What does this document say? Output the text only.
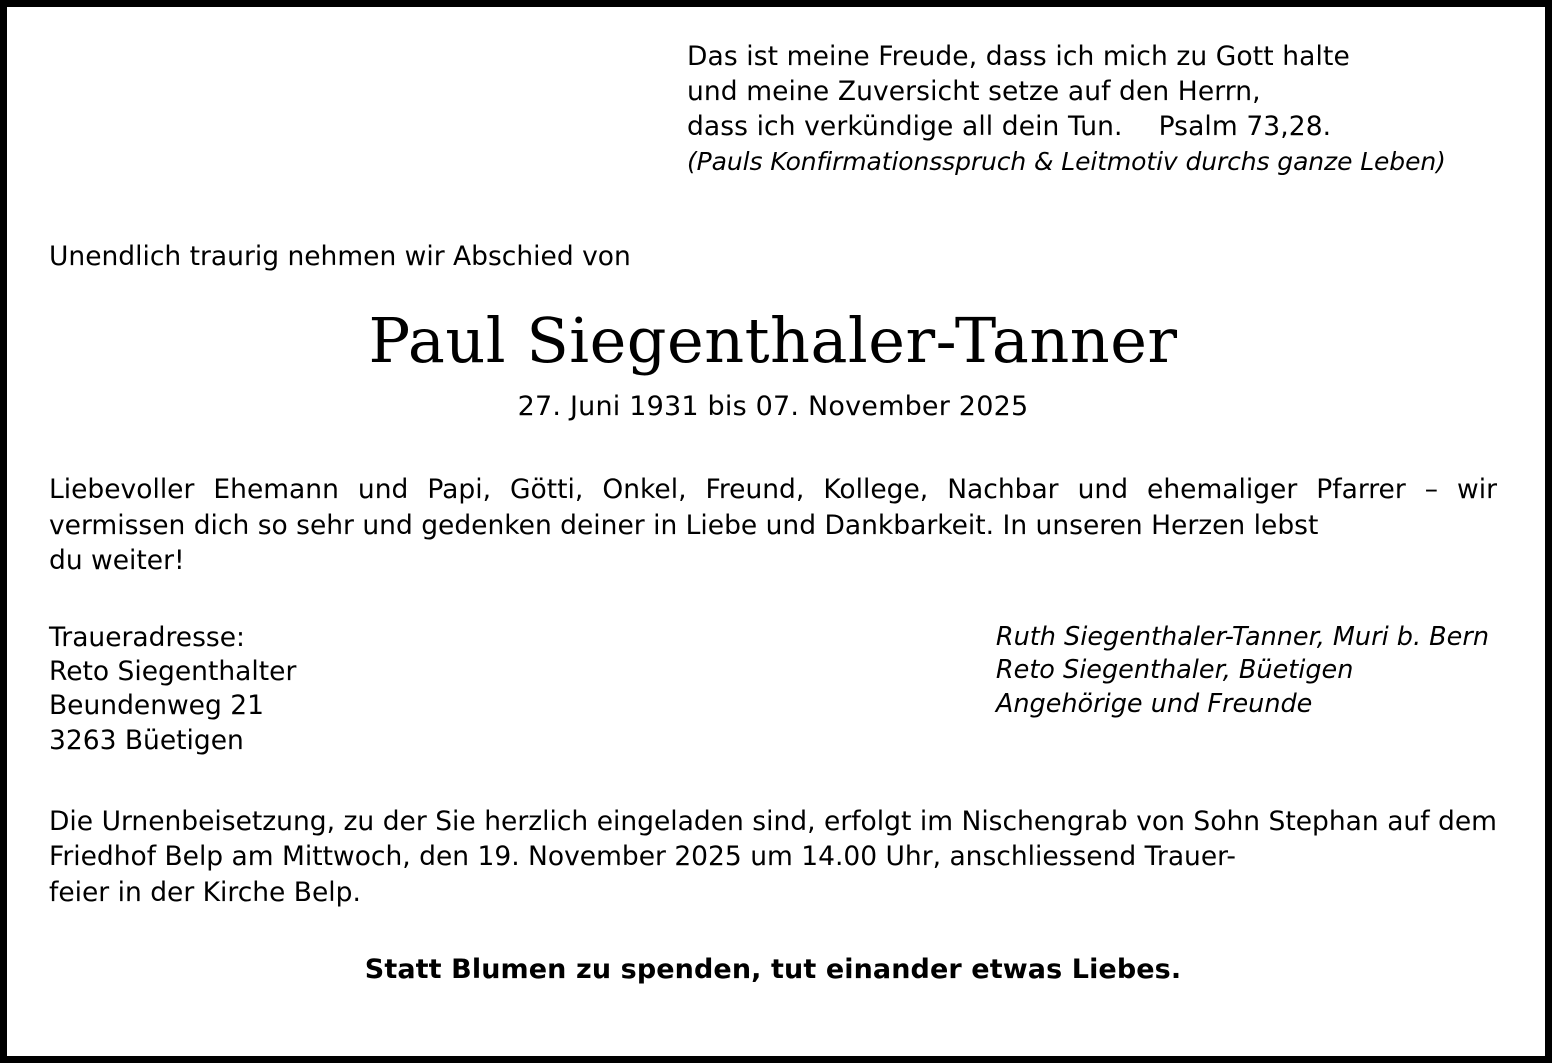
Das ist meine Freude, dass ich mich zu Gott halte
und meine Zuversicht setze auf den Herrn,
dass ich verkündige all dein Tun. Psalm 73,28.
(Pauls Konfirmationsspruch & Leitmotiv durchs ganze Leben)
Unendlich traurig nehmen wir Abschied von
Paul Siegenthaler-Tanner
27. Juni 1931 bis 07. November 2025
Liebevoller Ehemann und Papi, Götti, Onkel, Freund, Kollege, Nachbar und ehemaliger Pfarrer – wir vermissen dich so sehr und gedenken deiner in Liebe und Dankbarkeit. In unseren Herzen lebst
du weiter!
Traueradresse:
Reto Siegenthalter
Beundenweg 21
3263 Büetigen
Ruth Siegenthaler-Tanner, Muri b. Bern
Reto Siegenthaler, Büetigen
Angehörige und Freunde
Die Urnenbeisetzung, zu der Sie herzlich eingeladen sind, erfolgt im Nischengrab von Sohn Stephan auf dem Friedhof Belp am Mittwoch, den 19. November 2025 um 14.00 Uhr, anschliessend Trauer-
feier in der Kirche Belp.
Statt Blumen zu spenden, tut einander etwas Liebes.
